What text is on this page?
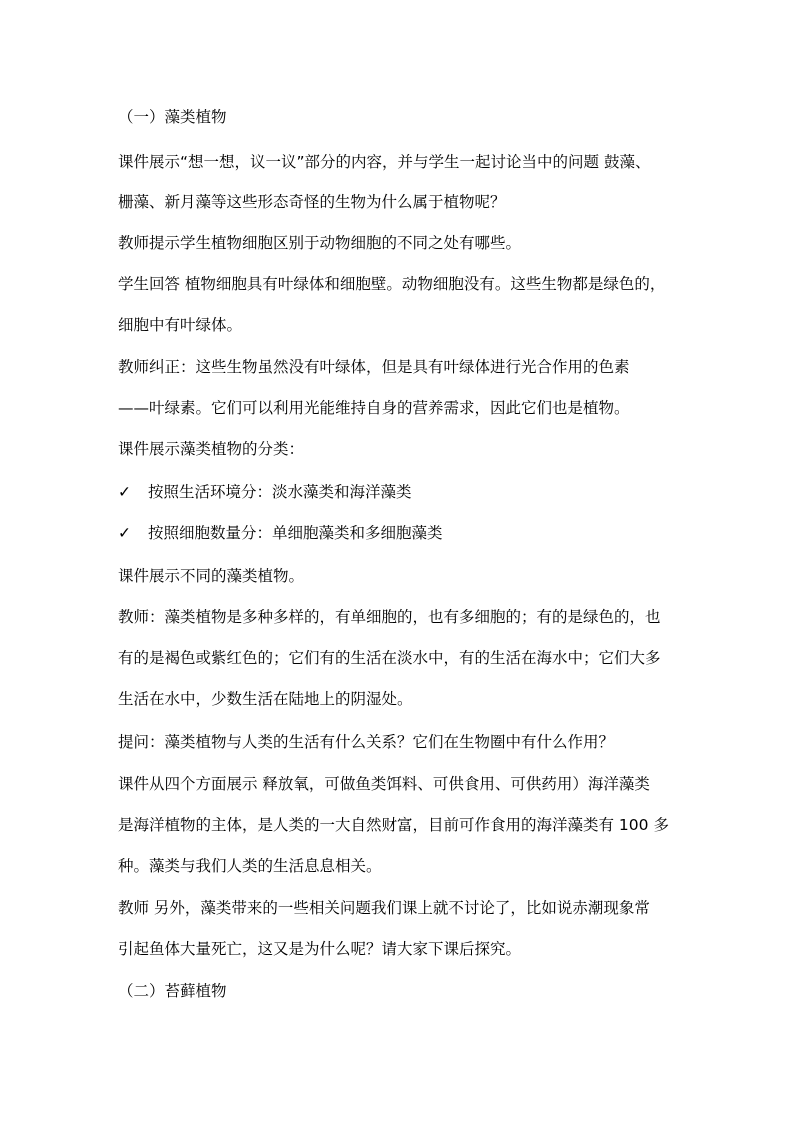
（一）藻类植物
课件展示“想一想，议一议”部分的内容，并与学生一起讨论当中的问题 鼓藻、
栅藻、新月藻等这些形态奇怪的生物为什么属于植物呢？
教师提示学生植物细胞区别于动物细胞的不同之处有哪些。
学生回答 植物细胞具有叶绿体和细胞壁。动物细胞没有。这些生物都是绿色的，
细胞中有叶绿体。
教师纠正：这些生物虽然没有叶绿体，但是具有叶绿体进行光合作用的色素
——叶绿素。它们可以利用光能维持自身的营养需求，因此它们也是植物。
课件展示藻类植物的分类：
✓ 按照生活环境分：淡水藻类和海洋藻类
✓ 按照细胞数量分：单细胞藻类和多细胞藻类
课件展示不同的藻类植物。
教师：藻类植物是多种多样的，有单细胞的，也有多细胞的；有的是绿色的，也
有的是褐色或紫红色的；它们有的生活在淡水中，有的生活在海水中；它们大多
生活在水中，少数生活在陆地上的阴湿处。
提问：藻类植物与人类的生活有什么关系？它们在生物圈中有什么作用？
课件从四个方面展示 释放氧，可做鱼类饵料、可供食用、可供药用）海洋藻类
是海洋植物的主体，是人类的一大自然财富，目前可作食用的海洋藻类有 100 多
种。藻类与我们人类的生活息息相关。
教师 另外，藻类带来的一些相关问题我们课上就不讨论了，比如说赤潮现象常
引起鱼体大量死亡，这又是为什么呢？请大家下课后探究。
（二）苔藓植物
